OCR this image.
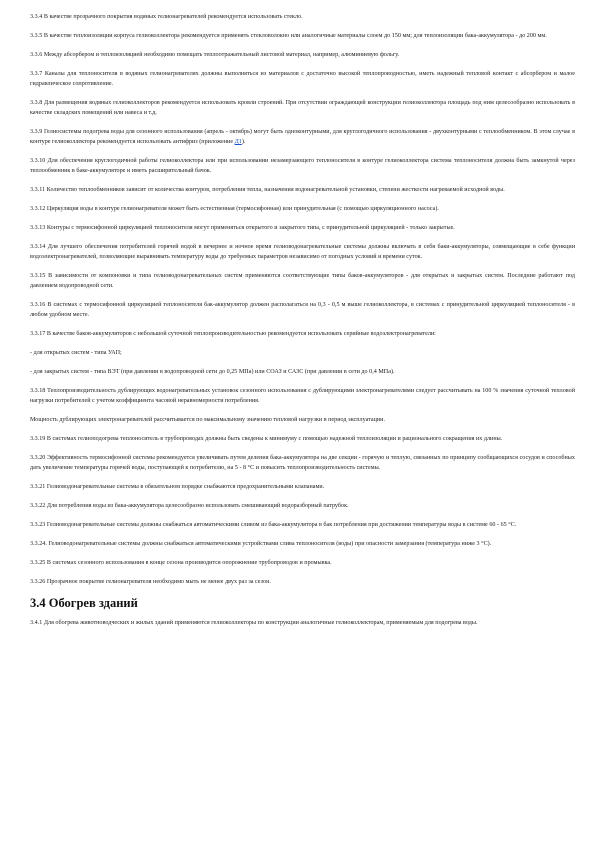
3.3.4 В качестве прозрачного покрытия водяных гелионагревателей рекомендуется использовать стекло.

3.3.5 В качестве теплоизоляции корпуса гелиоколлектора рекомендуется применять стекловолокно или аналогичные материалы слоем до 150 мм; для теплоизоляции бака-аккумулятора - до 200 мм.

3.3.6 Между абсорбером и теплоизоляцией необходимо помещать теплоотражательный листовой материал, например, алюминиевую фольгу.

3.3.7 Каналы для теплоносителя в водяных гелионагревателях должны выполняться из материалов с достаточно высокой теплопроводностью, иметь надежный тепловой контакт с абсорбером и малое гидравлическое сопротивление.

3.3.8 Для размещения водяных гелиоколлекторов рекомендуется использовать кровли строений. При отсутствии ограждающей конструкции гелиоколлектора площадь под ним целесообразно использовать в качестве складских помещений или навеса и т.д.

3.3.9 Гелиосистемы подогрева воды для сезонного использования (апрель - октябрь) могут быть одноконтурными, для круглогодичного использования - двухконтурными с теплообменником. В этом случае в контуре гелиоколлектора рекомендуется использовать антифриз (приложение Д1).

3.3.10 Для обеспечения круглогодичной работы гелиоколлектора или при использовании незамерзающего теплоносителя в контуре гелиоколлектора система теплоносителя должна быть замкнутой через теплообменник в баке-аккумуляторе и иметь расширительный бачок.

3.3.11 Количество теплообменников зависит от количества контуров, потребления тепла, назначения водонагревательной установки, степени жесткости нагреваемой исходной воды.

3.3.12 Циркуляция воды в контуре гелионагревателя может быть естественная (термосифонная) или принудительная (с помощью циркуляционного насоса).

3.3.13 Контуры с термосифонной циркуляцией теплоносителя могут применяться открытого и закрытого типа, с принудительной циркуляцией - только закрытые.

3.3.14 Для лучшего обеспечения потребителей горячей водой в вечернее и ночное время гелиоводонагревательные системы должны включать в себя баки-аккумуляторы, совмещающие в себе функции водоэлектронагревателей, позволяющие выравнивать температуру воды до требуемых параметров независимо от погодных условий и времени суток.

3.3.15 В зависимости от компоновки и типа гелиоводонагревательных систем применяются соответствующие типы баков-аккумуляторов - для открытых и закрытых систем. Последние работают под давлением водопроводной сети.

3.3.16 В системах с термосифонной циркуляцией теплоносителя бак-аккумулятор должен располагаться на 0,3 - 0,5 м выше гелиоколлектора, в системах с принудительной циркуляцией теплоносителя - в любом удобном месте.

3.3.17 В качестве баков-аккумуляторов с небольшой суточной теплопроизводительностью рекомендуется использовать серийные водоэлектронагреватели:

- для открытых систем - типа УАП;

- для закрытых систем - типа ВЭТ (при давлении в водопроводной сети до 0,25 МПа) или СОАЗ и САЗС (при давлении в сети до 0,4 МПа).

3.3.18 Теплопроизводительность дублирующих водонагревательных установок сезонного использования с дублирующими электронагревателями следует рассчитывать на 100 % значения суточной тепловой нагрузки потребителей с учетом коэффициента часовой неравномерности потребления.

Мощность дублирующих электронагревателей рассчитывается по максимальному значению тепловой нагрузки в период эксплуатации.

3.3.19 В системах гелиоподогрева теплоноситель в трубопроводах должны быть сведены к минимуму с помощью надежной теплоизоляции и рационального сокращения их длины.

3.3.20 Эффективность термосифонной системы рекомендуется увеличивать путем деления бака-аккумулятора на две секции - горячую и теплую, связанных по принципу сообщающихся сосудов и способных дать увеличение температуры горячей воды, поступающей к потребителю, на 5 - 8 °С и повысить теплопроизводительность системы.

3.3.21 Гелиоводонагревательные системы в обязательном порядке снабжаются предохранительными клапанами.

3.3.22 Для потребления воды из бака-аккумулятора целесообразно использовать смешивающий водоразборный патрубок.

3.3.23 Гелиоводонагревательные системы должны снабжаться автоматическими сливом из бака-аккумулятора в бак потребления при достижении температуры воды в системе 60 - 65 °С.

3.3.24. Гелиоводонагревательные системы должны снабжаться автоматическими устройствами слива теплоносителя (воды) при опасности замерзания (температура ниже 3 °С).

3.3.25 В системах сезонного использования в конце сезона производится опорожнение трубопроводов и промывка.

3.3.26 Прозрачное покрытие гелионагревателя необходимо мыть не менее двух раз за сезон.

3.4 Обогрев зданий

3.4.1 Для обогрева животноводческих и жилых зданий применяются гелиоколлекторы по конструкции аналогичные гелиоколлекторам, применяемым для подогрева воды.
